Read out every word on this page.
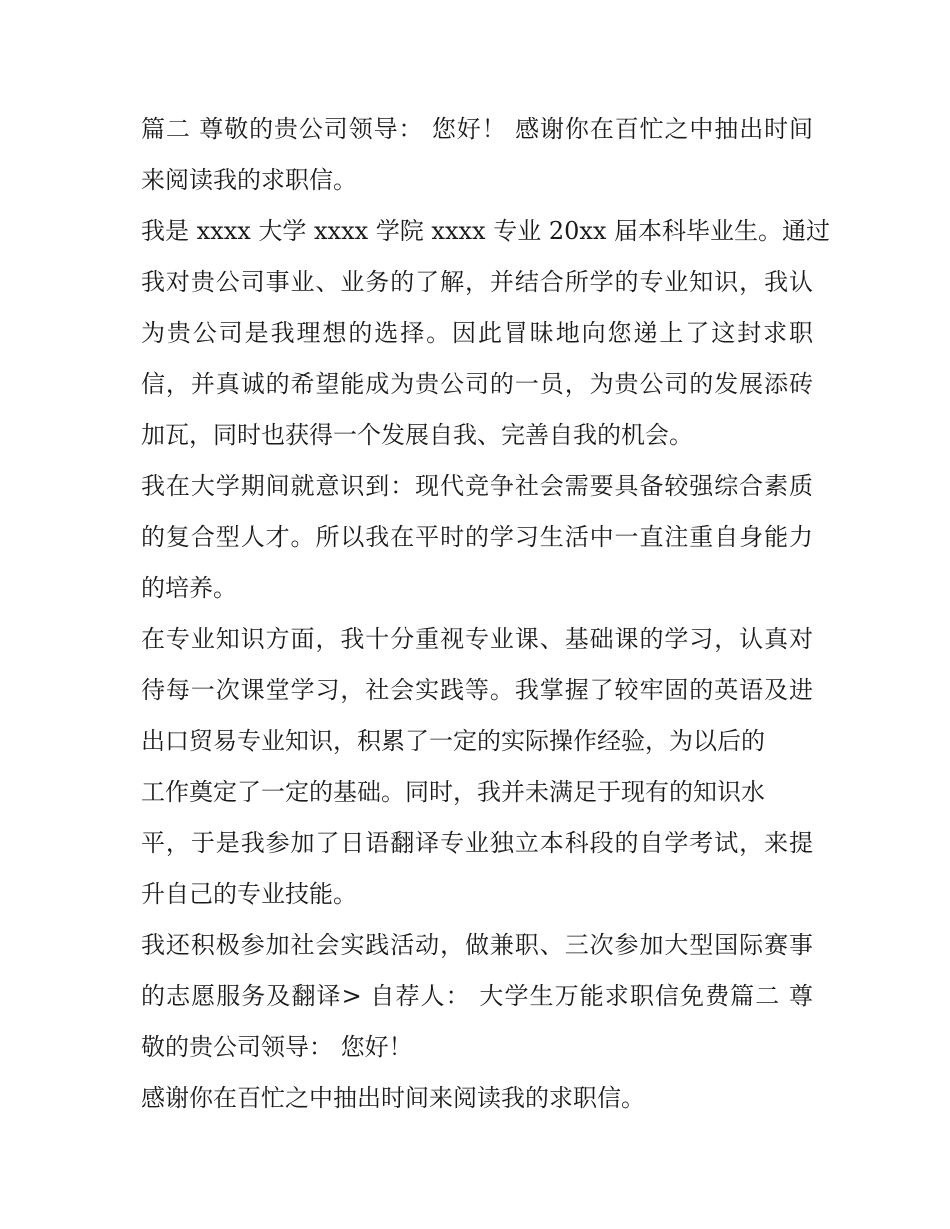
篇二 尊敬的贵公司领导： 您好！ 感谢你在百忙之中抽出时间
来阅读我的求职信。
我是 xxxx 大学 xxxx 学院 xxxx 专业 20xx 届本科毕业生。通过
我对贵公司事业、业务的了解，并结合所学的专业知识，我认
为贵公司是我理想的选择。因此冒昧地向您递上了这封求职
信，并真诚的希望能成为贵公司的一员，为贵公司的发展添砖
加瓦，同时也获得一个发展自我、完善自我的机会。
我在大学期间就意识到：现代竞争社会需要具备较强综合素质
的复合型人才。所以我在平时的学习生活中一直注重自身能力
的培养。
在专业知识方面，我十分重视专业课、基础课的学习，认真对
待每一次课堂学习，社会实践等。我掌握了较牢固的英语及进
出口贸易专业知识，积累了一定的实际操作经验，为以后的
工作奠定了一定的基础。同时，我并未满足于现有的知识水
平，于是我参加了日语翻译专业独立本科段的自学考试，来提
升自己的专业技能。
我还积极参加社会实践活动，做兼职、三次参加大型国际赛事
的志愿服务及翻译> 自荐人： 大学生万能求职信免费篇二 尊
敬的贵公司领导： 您好！
感谢你在百忙之中抽出时间来阅读我的求职信。
